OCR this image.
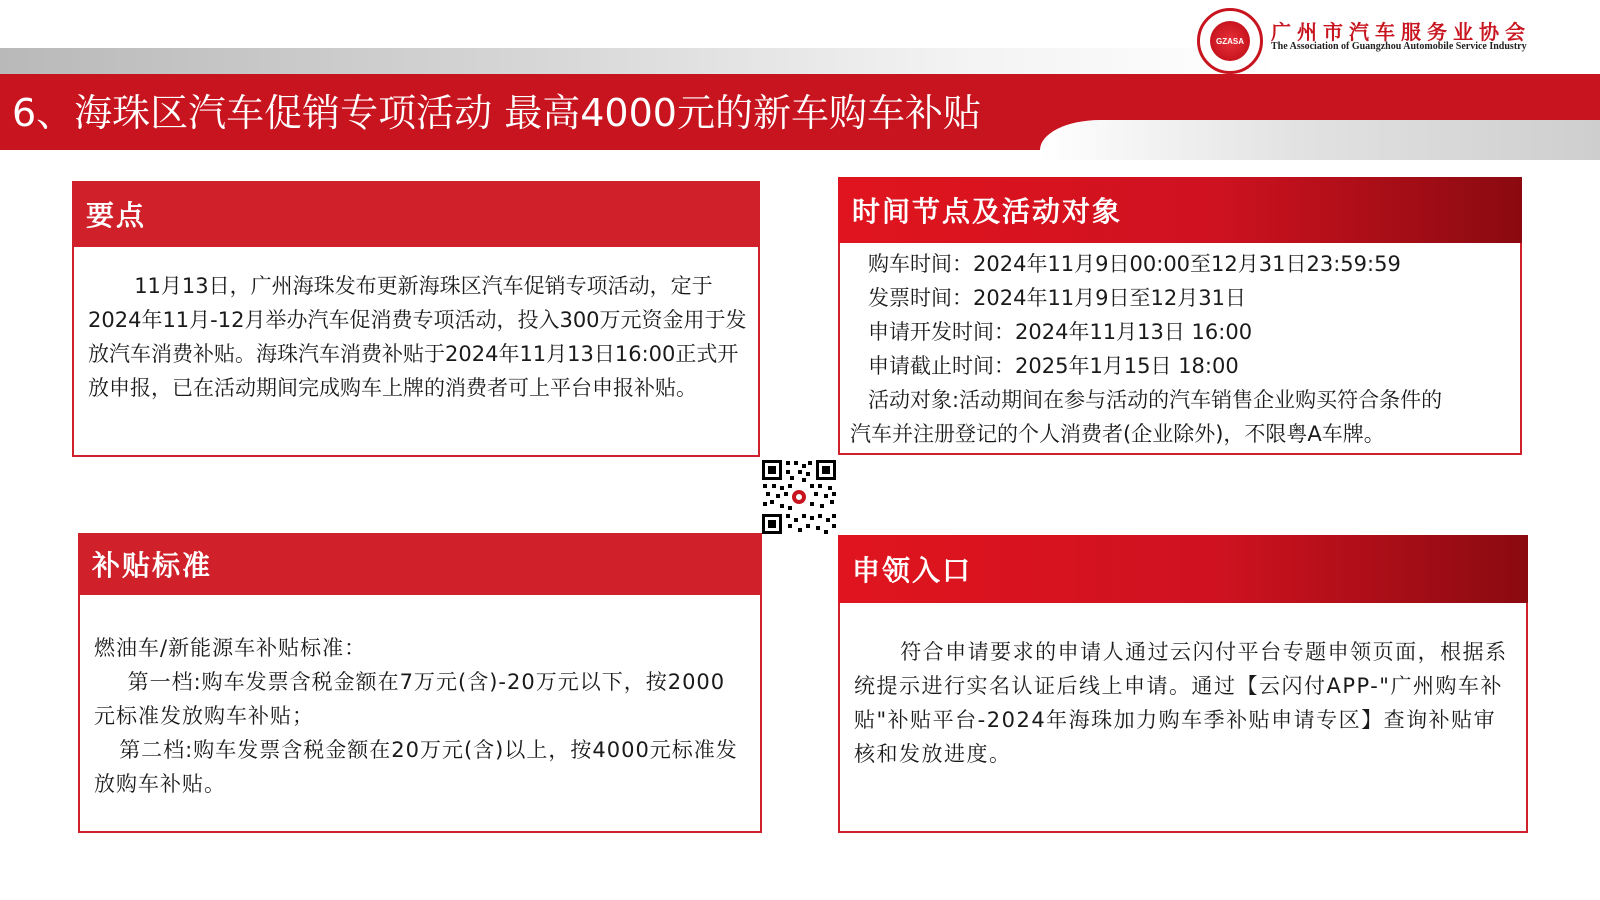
6、海珠区汽车促销专项活动 最高4000元的新车购车补贴
GZASA	广州市汽车服务业协会
The Association of Guangzhou Automobile Service Industry
要点

11月13日，广州海珠发布更新海珠区汽车促销专项活动，定于2024年11月-12月举办汽车促消费专项活动，投入300万元资金用于发放汽车消费补贴。海珠汽车消费补贴于2024年11月13日16:00正式开放申报，已在活动期间完成购车上牌的消费者可上平台申报补贴。

时间节点及活动对象

购车时间：2024年11月9日00:00至12月31日23:59:59

发票时间：2024年11月9日至12月31日

申请开发时间：2024年11月13日 16:00

申请截止时间：2025年1月15日 18:00

活动对象:活动期间在参与活动的汽车销售企业购买符合条件的

汽车并注册登记的个人消费者(企业除外)，不限粤A车牌。

补贴标准

燃油车/新能源车补贴标准：

第一档:购车发票含税金额在7万元(含)-20万元以下，按2000　元标准发放购车补贴；

第二档:购车发票含税金额在20万元(含)以上，按4000元标准发放购车补贴。

申领入口

符合申请要求的申请人通过云闪付平台专题申领页面，根据系统提示进行实名认证后线上申请。通过【云闪付APP-"广州购车补贴"补贴平台-2024年海珠加力购车季补贴申请专区】查询补贴审核和发放进度。
